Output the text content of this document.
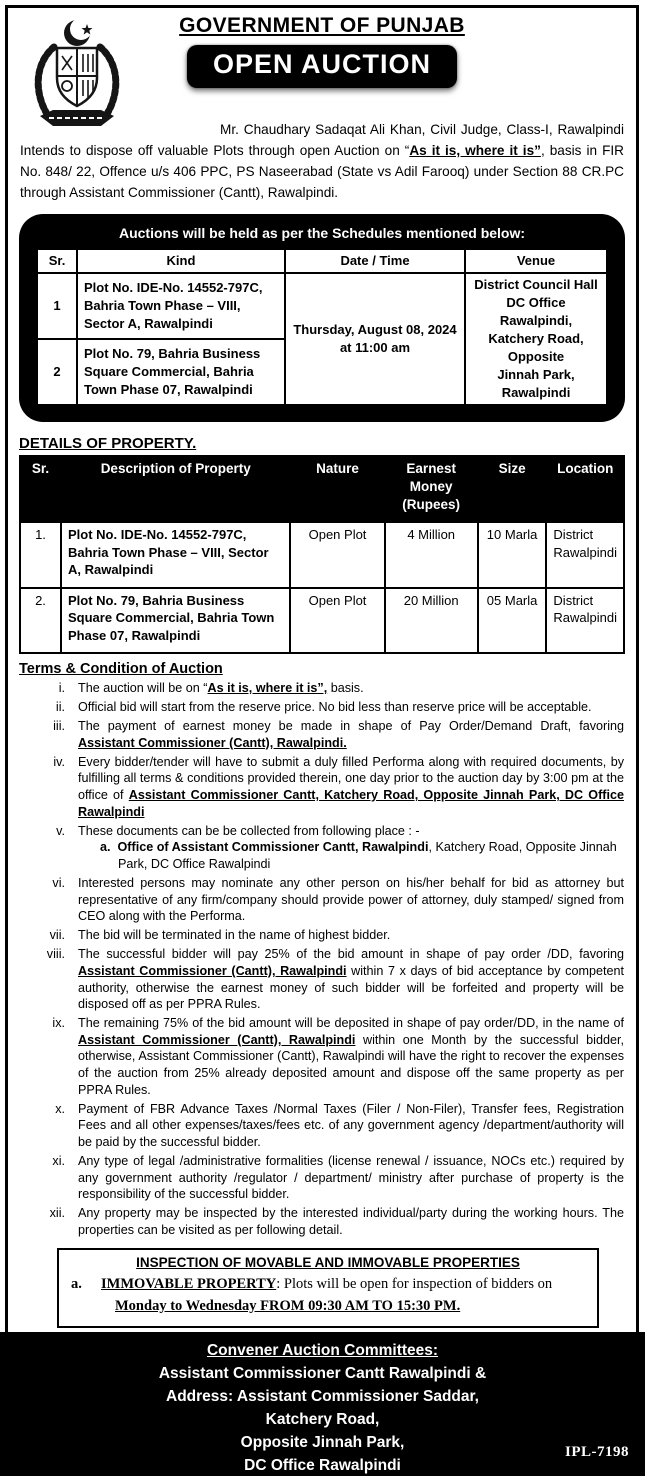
GOVERNMENT OF PUNJAB
OPEN AUCTION

Mr. Chaudhary Sadaqat Ali Khan, Civil Judge, Class-I, Rawalpindi Intends to dispose off valuable Plots through open Auction on “As it is, where it is”, basis in FIR No. 848/ 22, Offence u/s 406 PPC, PS Naseerabad (State vs Adil Farooq) under Section 88 CR.PC through Assistant Commissioner (Cantt), Rawalpindi.

Auctions will be held as per the Schedules mentioned below:
Sr.	Kind	Date / Time	Venue
1	Plot No. IDE-No. 14552-797C, Bahria Town Phase – VIII, Sector A, Rawalpindi	Thursday, August 08, 2024 at 11:00 am	District Council Hall
DC Office Rawalpindi,
Katchery Road, Opposite
Jinnah Park, Rawalpindi

2	Plot No. 79, Bahria Business Square Commercial, Bahria Town Phase 07, Rawalpindi		
DETAILS OF PROPERTY.
Sr.	Description of Property	Nature	Earnest Money (Rupees)	Size	Location
1.	Plot No. IDE-No. 14552-797C, Bahria Town Phase – VIII, Sector A, Rawalpindi	Open Plot	4 Million	10 Marla	District Rawalpindi
2.	Plot No. 79, Bahria Business Square Commercial, Bahria Town Phase 07, Rawalpindi	Open Plot	20 Million	05 Marla	District Rawalpindi
Terms & Condition of Auction
i. The auction will be on “As it is, where it is”, basis.
ii. Official bid will start from the reserve price. No bid less than reserve price will be acceptable.
iii. The payment of earnest money be made in shape of Pay Order/Demand Draft, favoring Assistant Commissioner (Cantt), Rawalpindi.
iv. Every bidder/tender will have to submit a duly filled Performa along with required documents, by fulfilling all terms & conditions provided therein, one day prior to the auction day by 3:00 pm at the office of Assistant Commissioner Cantt, Katchery Road, Opposite Jinnah Park, DC Office Rawalpindi
v. These documents can be be collected from following place : -
a.  Office of Assistant Commissioner Cantt, Rawalpindi, Katchery Road, Opposite Jinnah Park, DC Office Rawalpindi
vi. Interested persons may nominate any other person on his/her behalf for bid as attorney but representative of any firm/company should provide power of attorney, duly stamped/ signed from CEO along with the Performa.
vii. The bid will be terminated in the name of highest bidder.
viii. The successful bidder will pay 25% of the bid amount in shape of pay order /DD, favoring Assistant Commissioner (Cantt), Rawalpindi within 7 x days of bid acceptance by competent authority, otherwise the earnest money of such bidder will be forfeited and property will be disposed off as per PPRA Rules.
ix. The remaining 75% of the bid amount will be deposited in shape of pay order/DD, in the name of Assistant Commissioner (Cantt), Rawalpindi within one Month by the successful bidder, otherwise, Assistant Commissioner (Cantt), Rawalpindi will have the right to recover the expenses of the auction from 25% already deposited amount and dispose off the same property as per PPRA Rules.
x. Payment of FBR Advance Taxes /Normal Taxes (Filer / Non-Filer), Transfer fees, Registration Fees and all other expenses/taxes/fees etc. of any government agency /department/authority will be paid by the successful bidder.
xi. Any type of legal /administrative formalities (license renewal / issuance, NOCs etc.) required by any government authority /regulator / department/ ministry after purchase of property is the responsibility of the successful bidder.
xii. Any property may be inspected by the interested individual/party during the working hours. The properties can be visited as per following detail.
INSPECTION OF MOVABLE AND IMMOVABLE PROPERTIES
a. IMMOVABLE PROPERTY: Plots will be open for inspection of bidders on Monday to Wednesday FROM 09:30 AM TO 15:30 PM.

Convener Auction Committees:
Assistant Commissioner Cantt Rawalpindi &
Address: Assistant Commissioner Saddar,
Katchery Road,
Opposite Jinnah Park,
DC Office Rawalpindi
IPL-7198
